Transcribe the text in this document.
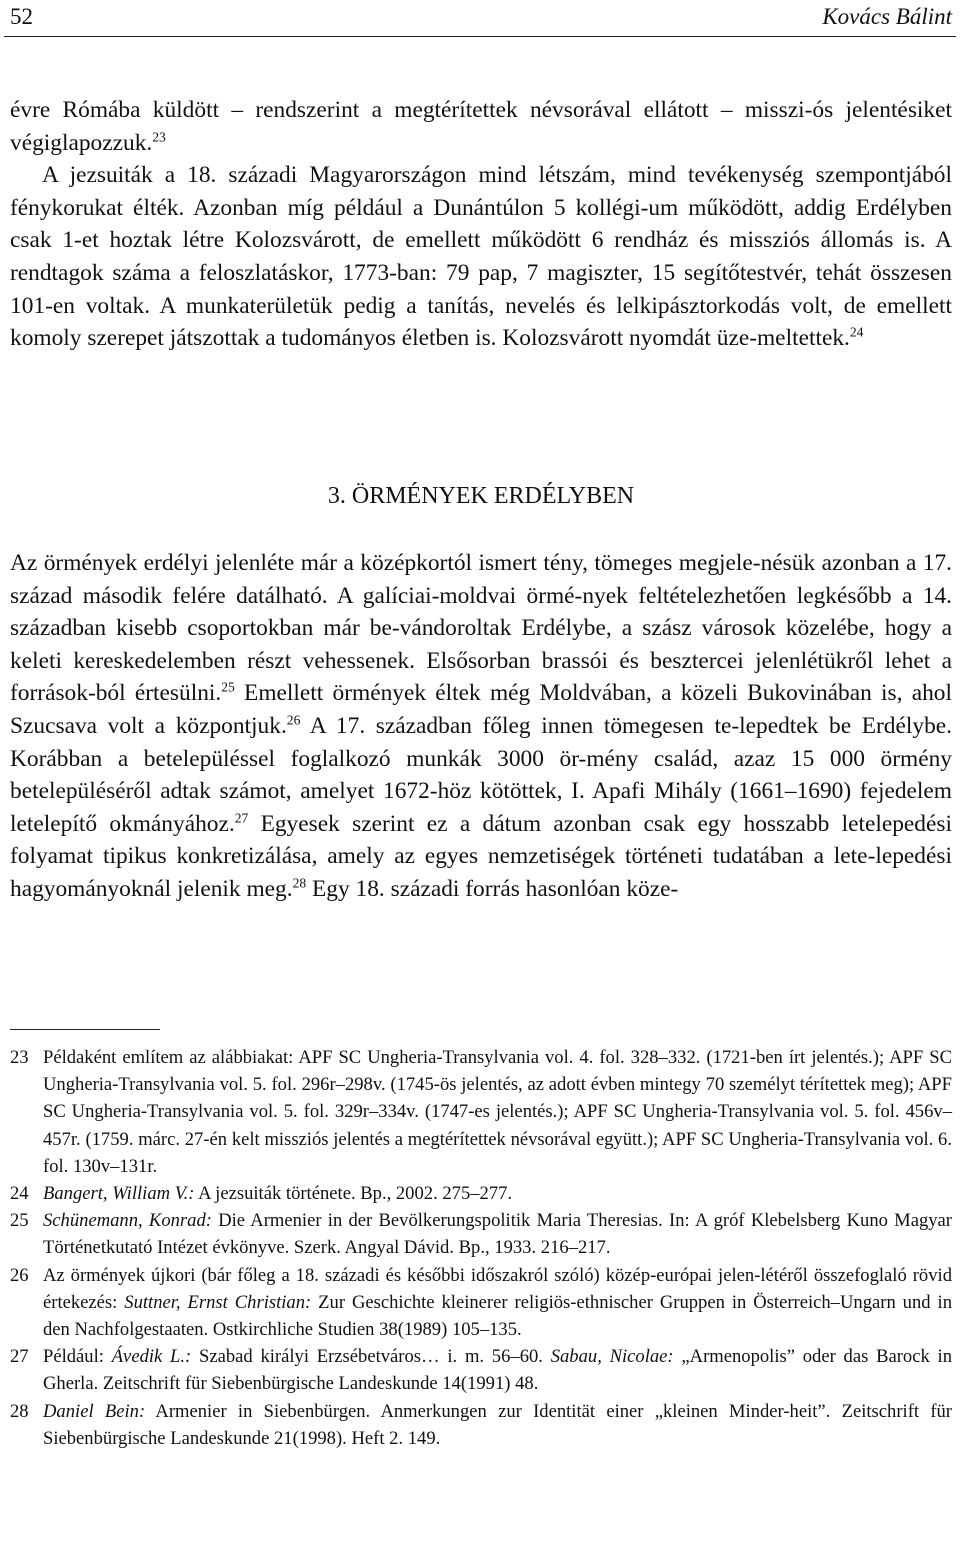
52	Kovács Bálint

évre Rómába küldött – rendszerint a megtérítettek névsorával ellátott – misszi-ós jelentésiket végiglapozzuk.$^{23}$

A jezsuiták a 18. századi Magyarországon mind létszám, mind tevékenység szempontjából fénykorukat élték. Azonban míg például a Dunántúlon 5 kollégi-um működött, addig Erdélyben csak 1-et hoztak létre Kolozsvárott, de emellett működött 6 rendház és missziós állomás is. A rendtagok száma a feloszlatáskor, 1773-ban: 79 pap, 7 magiszter, 15 segítőtestvér, tehát összesen 101-en voltak. A munkaterületük pedig a tanítás, nevelés és lelkipásztorkodás volt, de emellett komoly szerepet játszottak a tudományos életben is. Kolozsvárott nyomdát üze-meltettek.$^{24}$

3. ÖRMÉNYEK ERDÉLYBEN

Az örmények erdélyi jelenléte már a középkortól ismert tény, tömeges megjele-nésük azonban a 17. század második felére datálható. A galíciai-moldvai örmé-nyek feltételezhetően legkésőbb a 14. században kisebb csoportokban már be-vándoroltak Erdélybe, a szász városok közelébe, hogy a keleti kereskedelemben részt vehessenek. Elsősorban brassói és besztercei jelenlétükről lehet a források-ból értesülni.$^{25}$ Emellett örmények éltek még Moldvában, a közeli Bukovinában is, ahol Szucsava volt a központjuk.$^{26}$ A 17. században főleg innen tömegesen te-lepedtek be Erdélybe. Korábban a betelepüléssel foglalkozó munkák 3000 ör-mény család, azaz 15 000 örmény betelepüléséről adtak számot, amelyet 1672-höz kötöttek, I. Apafi Mihály (1661–1690) fejedelem letelepítő okmányához.$^{27}$ Egyesek szerint ez a dátum azonban csak egy hosszabb letelepedési folyamat tipikus konkretizálása, amely az egyes nemzetiségek történeti tudatában a lete-lepedési hagyományoknál jelenik meg.$^{28}$ Egy 18. századi forrás hasonlóan köze-

23 Példaként említem az alábbiakat: APF SC Ungheria-Transylvania vol. 4. fol. 328–332. (1721-ben írt jelentés.); APF SC Ungheria-Transylvania vol. 5. fol. 296r–298v. (1745-ös jelentés, az adott évben mintegy 70 személyt térítettek meg); APF SC Ungheria-Transylvania vol. 5. fol. 329r–334v. (1747-es jelentés.); APF SC Ungheria-Transylvania vol. 5. fol. 456v–457r. (1759. márc. 27-én kelt missziós jelentés a megtérítettek névsorával együtt.); APF SC Ungheria-Transylvania vol. 6. fol. 130v–131r.
24 Bangert, William V.: A jezsuiták története. Bp., 2002. 275–277.
25 Schünemann, Konrad: Die Armenier in der Bevölkerungspolitik Maria Theresias. In: A gróf Klebelsberg Kuno Magyar Történetkutató Intézet évkönyve. Szerk. Angyal Dávid. Bp., 1933. 216–217.
26 Az örmények újkori (bár főleg a 18. századi és későbbi időszakról szóló) közép-európai jelen-létéről összefoglaló rövid értekezés: Suttner, Ernst Christian: Zur Geschichte kleinerer religiös-ethnischer Gruppen in Österreich–Ungarn und in den Nachfolgestaaten. Ostkirchliche Studien 38(1989) 105–135.
27 Például: Ávedik L.: Szabad királyi Erzsébetváros… i. m. 56–60. Sabau, Nicolae: „Armenopolis” oder das Barock in Gherla. Zeitschrift für Siebenbürgische Landeskunde 14(1991) 48.
28 Daniel Bein: Armenier in Siebenbürgen. Anmerkungen zur Identität einer „kleinen Minder-heit”. Zeitschrift für Siebenbürgische Landeskunde 21(1998). Heft 2. 149.
